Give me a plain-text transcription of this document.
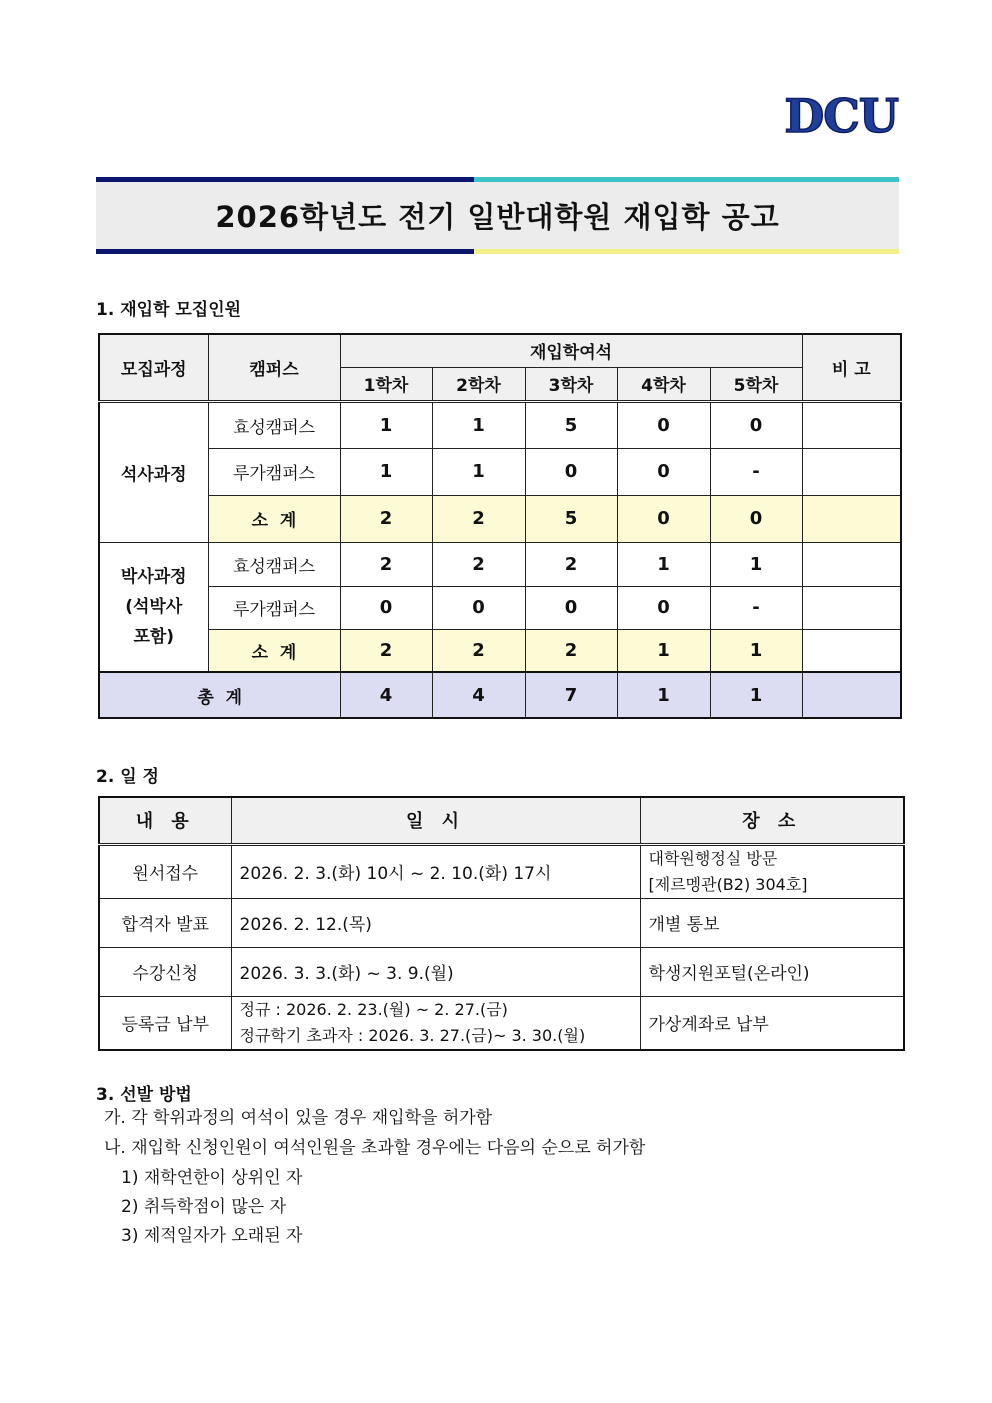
DCU
2026학년도 전기 일반대학원 재입학 공고
1. 재입학 모집인원
모집과정	캠퍼스	재입학여석					비 고
		1학차	2학차	3학차	4학차	5학차	
석사과정	효성캠퍼스	1	1	5	0	0	
	루가캠퍼스	1	1	0	0	-	
	소  계	2	2	5	0	0	

박사과정
(석박사
포함)	효성캠퍼스	2	2	2	1	1	
	루가캠퍼스	0	0	0	0	-	
	소  계	2	2	2	1	1	
총  계		4	4	7	1	1	
2. 일 정
내 용	일 시	장 소
원서접수	2026. 2. 3.(화) 10시 ~ 2. 10.(화) 17시	대학원행정실 방문
[제르멩관(B2) 304호]

합격자 발표	2026. 2. 12.(목)	개별 통보
수강신청	2026. 3. 3.(화) ~ 3. 9.(월)	학생지원포털(온라인)
등록금 납부	정규 : 2026. 2. 23.(월) ~ 2. 27.(금)
정규학기 초과자 : 2026. 3. 27.(금)~ 3. 30.(월)	가상계좌로 납부
3. 선발 방법
가. 각 학위과정의 여석이 있을 경우 재입학을 허가함
나. 재입학 신청인원이 여석인원을 초과할 경우에는 다음의 순으로 허가함
1) 재학연한이 상위인 자
2) 취득학점이 많은 자
3) 제적일자가 오래된 자
